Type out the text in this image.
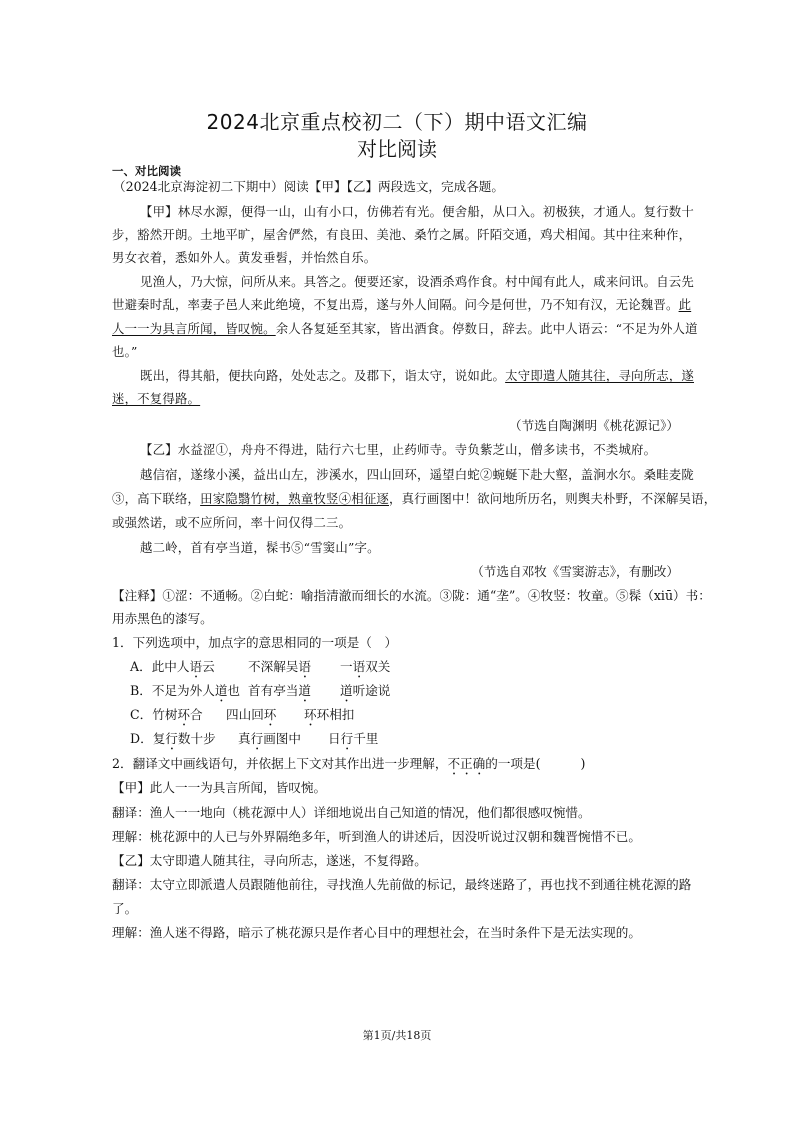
2024北京重点校初二（下）期中语文汇编
对比阅读
一、对比阅读
（2024北京海淀初二下期中）阅读【甲】【乙】两段选文，完成各题。
【甲】林尽水源，便得一山，山有小口，仿佛若有光。便舍船，从口入。初极狭，才通人。复行数十
步，豁然开朗。土地平旷，屋舍俨然，有良田、美池、桑竹之属。阡陌交通，鸡犬相闻。其中往来种作，
男女衣着，悉如外人。黄发垂髫，并怡然自乐。
见渔人，乃大惊，问所从来。具答之。便要还家，设酒杀鸡作食。村中闻有此人，咸来问讯。自云先
世避秦时乱，率妻子邑人来此绝境，不复出焉，遂与外人间隔。问今是何世，乃不知有汉，无论魏晋。此
人一一为具言所闻，皆叹惋。余人各复延至其家，皆出酒食。停数日，辞去。此中人语云：“不足为外人道
也。”
既出，得其船，便扶向路，处处志之。及郡下，诣太守，说如此。太守即遣人随其往，寻向所志，遂
迷，不复得路。
（节选自陶渊明《桃花源记》）
【乙】水益涩①，舟舟不得进，陆行六七里，止药师寺。寺负紫芝山，僧多读书，不类城府。
越信宿，遂缘小溪，益出山左，涉溪水，四山回环，遥望白蛇②蜿蜒下赴大壑，盖涧水尔。桑畦麦陇
③，高下联络，田家隐翳竹树，熟童牧竖④相征逐，真行画图中！欲问地所历名，则舆夫朴野，不深解吴语，
或强然诺，或不应所问，率十问仅得二三。
越二岭，首有亭当道，髹书⑤“雪窦山”字。
（节选自邓牧《雪窦游志》，有删改）
【注释】①涩：不通畅。②白蛇：喻指清澈而细长的水流。③陇：通“垄”。④牧竖：牧童。⑤髹（xiū）书：
用赤黑色的漆写。
1．下列选项中，加点字的意思相同的一项是（　）
A．此中人语云	不深解吴语 一语双关
B．不足为外人道也 首有亭当道 道听途说
C．竹树环合 四山回环 环环相扣
D．复行数十步 真行画图中 日行千里
2．翻译文中画线语句，并依据上下文对其作出进一步理解，不正确的一项是(	)
【甲】此人一一为具言所闻，皆叹惋。
翻译：渔人一一地向（桃花源中人）详细地说出自己知道的情况，他们都很感叹惋惜。
理解：桃花源中的人已与外界隔绝多年，听到渔人的讲述后，因没听说过汉朝和魏晋惋惜不已。
【乙】太守即遣人随其往，寻向所志，遂迷，不复得路。
翻译：太守立即派遣人员跟随他前往，寻找渔人先前做的标记，最终迷路了，再也找不到通往桃花源的路
了。
理解：渔人迷不得路，暗示了桃花源只是作者心目中的理想社会，在当时条件下是无法实现的。
第1页/共18页
